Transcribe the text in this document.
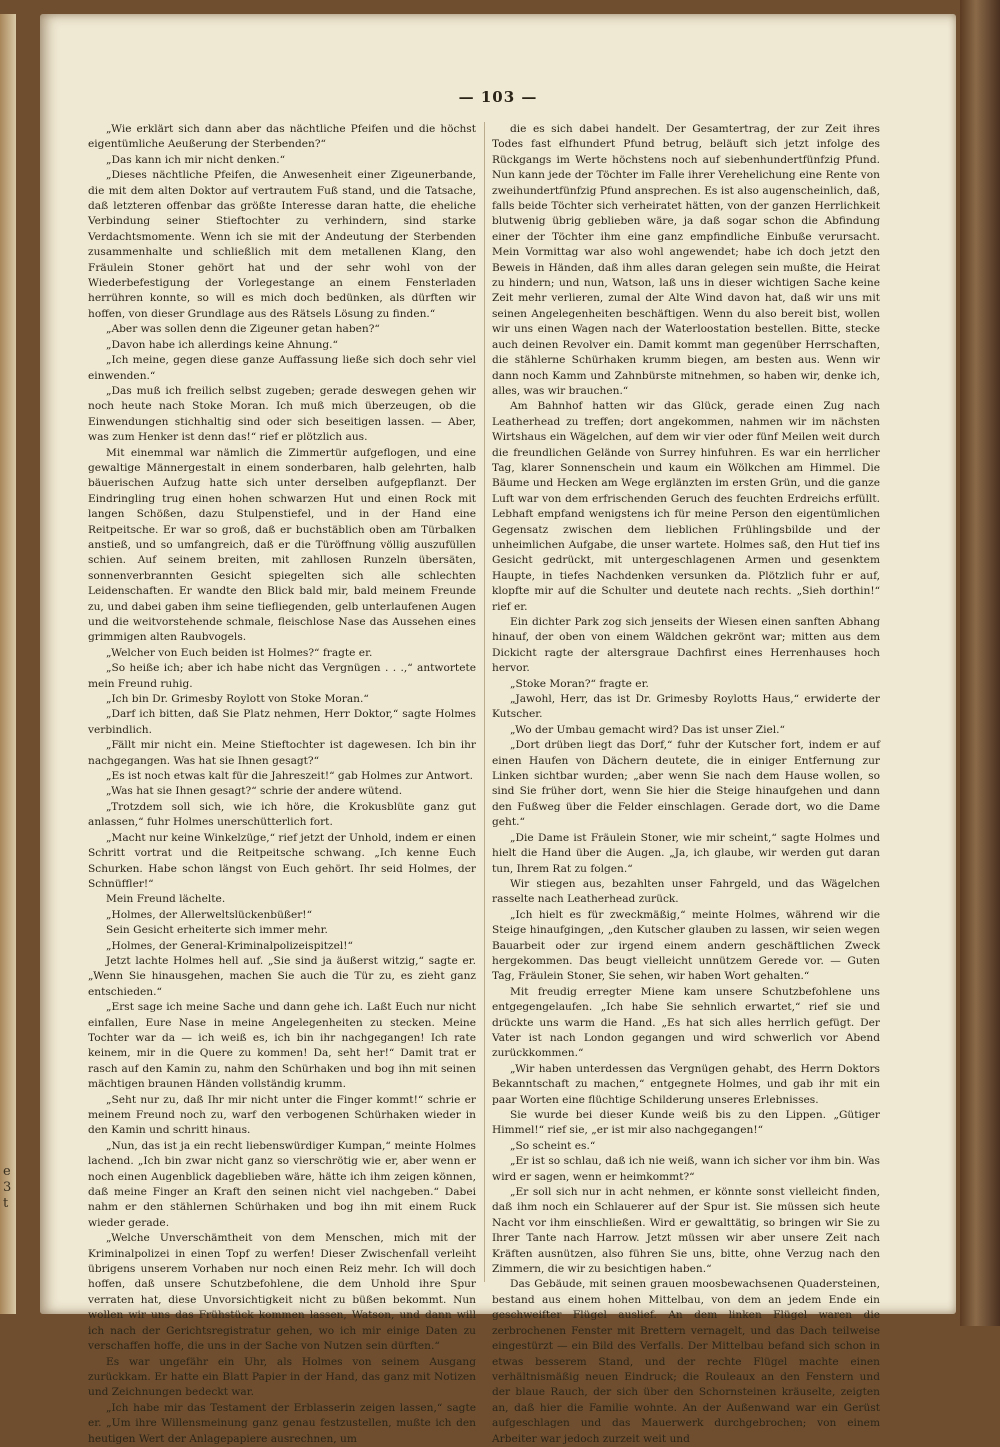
e
3
t
— 103 —

„Wie erklärt sich dann aber das nächtliche Pfeifen und die höchst eigentümliche Aeußerung der Sterbenden?“

„Das kann ich mir nicht denken.“

„Dieses nächtliche Pfeifen, die Anwesenheit einer Zigeunerbande, die mit dem alten Doktor auf vertrautem Fuß stand, und die Tatsache, daß letzteren offenbar das größte Interesse daran hatte, die eheliche Verbindung seiner Stieftochter zu verhindern, sind starke Verdachtsmomente. Wenn ich sie mit der Andeutung der Sterbenden zusammenhalte und schließlich mit dem metallenen Klang, den Fräulein Stoner gehört hat und der sehr wohl von der Wiederbefestigung der Vorlegestange an einem Fensterladen herrühren konnte, so will es mich doch bedünken, als dürften wir hoffen, von dieser Grundlage aus des Rätsels Lösung zu finden.“

„Aber was sollen denn die Zigeuner getan haben?“

„Davon habe ich allerdings keine Ahnung.“

„Ich meine, gegen diese ganze Auffassung ließe sich doch sehr viel einwenden.“

„Das muß ich freilich selbst zugeben; gerade deswegen gehen wir noch heute nach Stoke Moran. Ich muß mich überzeugen, ob die Einwendungen stichhaltig sind oder sich beseitigen lassen. — Aber, was zum Henker ist denn das!“ rief er plötzlich aus.

Mit einemmal war nämlich die Zimmertür aufgeflogen, und eine gewaltige Männergestalt in einem sonderbaren, halb gelehrten, halb bäuerischen Aufzug hatte sich unter derselben aufgepflanzt. Der Eindringling trug einen hohen schwarzen Hut und einen Rock mit langen Schößen, dazu Stulpenstiefel, und in der Hand eine Reitpeitsche. Er war so groß, daß er buchstäblich oben am Türbalken anstieß, und so umfangreich, daß er die Türöffnung völlig auszufüllen schien. Auf seinem breiten, mit zahllosen Runzeln übersäten, sonnenverbrannten Gesicht spiegelten sich alle schlechten Leidenschaften. Er wandte den Blick bald mir, bald meinem Freunde zu, und dabei gaben ihm seine tiefliegenden, gelb unterlaufenen Augen und die weitvorstehende schmale, fleischlose Nase das Aussehen eines grimmigen alten Raubvogels.

„Welcher von Euch beiden ist Holmes?“ fragte er.

„So heiße ich; aber ich habe nicht das Vergnügen . . .,“ antwortete mein Freund ruhig.

„Ich bin Dr. Grimesby Roylott von Stoke Moran.“

„Darf ich bitten, daß Sie Platz nehmen, Herr Doktor,“ sagte Holmes verbindlich.

„Fällt mir nicht ein. Meine Stieftochter ist dagewesen. Ich bin ihr nachgegangen. Was hat sie Ihnen gesagt?“

„Es ist noch etwas kalt für die Jahreszeit!“ gab Holmes zur Antwort.

„Was hat sie Ihnen gesagt?“ schrie der andere wütend.

„Trotzdem soll sich, wie ich höre, die Krokusblüte ganz gut anlassen,“ fuhr Holmes unerschütterlich fort.

„Macht nur keine Winkelzüge,“ rief jetzt der Unhold, indem er einen Schritt vortrat und die Reitpeitsche schwang. „Ich kenne Euch Schurken. Habe schon längst von Euch gehört. Ihr seid Holmes, der Schnüffler!“

Mein Freund lächelte.

„Holmes, der Allerweltslückenbüßer!“

Sein Gesicht erheiterte sich immer mehr.

„Holmes, der General-Kriminalpolizeispitzel!“

Jetzt lachte Holmes hell auf. „Sie sind ja äußerst witzig,“ sagte er. „Wenn Sie hinausgehen, machen Sie auch die Tür zu, es zieht ganz entschieden.“

„Erst sage ich meine Sache und dann gehe ich. Laßt Euch nur nicht einfallen, Eure Nase in meine Angelegenheiten zu stecken. Meine Tochter war da — ich weiß es, ich bin ihr nachgegangen! Ich rate keinem, mir in die Quere zu kommen! Da, seht her!“ Damit trat er rasch auf den Kamin zu, nahm den Schürhaken und bog ihn mit seinen mächtigen braunen Händen vollständig krumm.

„Seht nur zu, daß Ihr mir nicht unter die Finger kommt!“ schrie er meinem Freund noch zu, warf den verbogenen Schürhaken wieder in den Kamin und schritt hinaus.

„Nun, das ist ja ein recht liebenswürdiger Kumpan,“ meinte Holmes lachend. „Ich bin zwar nicht ganz so vierschrötig wie er, aber wenn er noch einen Augenblick dageblieben wäre, hätte ich ihm zeigen können, daß meine Finger an Kraft den seinen nicht viel nachgeben.“ Dabei nahm er den stählernen Schürhaken und bog ihn mit einem Ruck wieder gerade.

„Welche Unverschämtheit von dem Menschen, mich mit der Kriminalpolizei in einen Topf zu werfen! Dieser Zwischenfall verleiht übrigens unserem Vorhaben nur noch einen Reiz mehr. Ich will doch hoffen, daß unsere Schutzbefohlene, die dem Unhold ihre Spur verraten hat, diese Unvorsichtigkeit nicht zu büßen bekommt. Nun wollen wir uns das Frühstück kommen lassen, Watson, und dann will ich nach der Gerichtsregistratur gehen, wo ich mir einige Daten zu verschaffen hoffe, die uns in der Sache von Nutzen sein dürften.“

Es war ungefähr ein Uhr, als Holmes von seinem Ausgang zurückkam. Er hatte ein Blatt Papier in der Hand, das ganz mit Notizen und Zeichnungen bedeckt war.

„Ich habe mir das Testament der Erblasserin zeigen lassen,“ sagte er. „Um ihre Willensmeinung ganz genau festzustellen, mußte ich den heutigen Wert der Anlagepapiere ausrechnen, um

die es sich dabei handelt. Der Gesamtertrag, der zur Zeit ihres Todes fast elfhundert Pfund betrug, beläuft sich jetzt infolge des Rückgangs im Werte höchstens noch auf siebenhundertfünfzig Pfund. Nun kann jede der Töchter im Falle ihrer Verehelichung eine Rente von zweihundertfünfzig Pfund ansprechen. Es ist also augenscheinlich, daß, falls beide Töchter sich verheiratet hätten, von der ganzen Herrlichkeit blutwenig übrig geblieben wäre, ja daß sogar schon die Abfindung einer der Töchter ihm eine ganz empfindliche Einbuße verursacht. Mein Vormittag war also wohl angewendet; habe ich doch jetzt den Beweis in Händen, daß ihm alles daran gelegen sein mußte, die Heirat zu hindern; und nun, Watson, laß uns in dieser wichtigen Sache keine Zeit mehr verlieren, zumal der Alte Wind davon hat, daß wir uns mit seinen Angelegenheiten beschäftigen. Wenn du also bereit bist, wollen wir uns einen Wagen nach der Waterloostation bestellen. Bitte, stecke auch deinen Revolver ein. Damit kommt man gegenüber Herrschaften, die stählerne Schürhaken krumm biegen, am besten aus. Wenn wir dann noch Kamm und Zahnbürste mitnehmen, so haben wir, denke ich, alles, was wir brauchen.“

Am Bahnhof hatten wir das Glück, gerade einen Zug nach Leatherhead zu treffen; dort angekommen, nahmen wir im nächsten Wirtshaus ein Wägelchen, auf dem wir vier oder fünf Meilen weit durch die freundlichen Gelände von Surrey hinfuhren. Es war ein herrlicher Tag, klarer Sonnenschein und kaum ein Wölkchen am Himmel. Die Bäume und Hecken am Wege erglänzten im ersten Grün, und die ganze Luft war von dem erfrischenden Geruch des feuchten Erdreichs erfüllt. Lebhaft empfand wenigstens ich für meine Person den eigentümlichen Gegensatz zwischen dem lieblichen Frühlingsbilde und der unheimlichen Aufgabe, die unser wartete. Holmes saß, den Hut tief ins Gesicht gedrückt, mit untergeschlagenen Armen und gesenktem Haupte, in tiefes Nachdenken versunken da. Plötzlich fuhr er auf, klopfte mir auf die Schulter und deutete nach rechts. „Sieh dorthin!“ rief er.

Ein dichter Park zog sich jenseits der Wiesen einen sanften Abhang hinauf, der oben von einem Wäldchen gekrönt war; mitten aus dem Dickicht ragte der altersgraue Dachfirst eines Herrenhauses hoch hervor.

„Stoke Moran?“ fragte er.

„Jawohl, Herr, das ist Dr. Grimesby Roylotts Haus,“ erwiderte der Kutscher.

„Wo der Umbau gemacht wird? Das ist unser Ziel.“

„Dort drüben liegt das Dorf,“ fuhr der Kutscher fort, indem er auf einen Haufen von Dächern deutete, die in einiger Entfernung zur Linken sichtbar wurden; „aber wenn Sie nach dem Hause wollen, so sind Sie früher dort, wenn Sie hier die Steige hinaufgehen und dann den Fußweg über die Felder einschlagen. Gerade dort, wo die Dame geht.“

„Die Dame ist Fräulein Stoner, wie mir scheint,“ sagte Holmes und hielt die Hand über die Augen. „Ja, ich glaube, wir werden gut daran tun, Ihrem Rat zu folgen.“

Wir stiegen aus, bezahlten unser Fahrgeld, und das Wägelchen rasselte nach Leatherhead zurück.

„Ich hielt es für zweckmäßig,“ meinte Holmes, während wir die Steige hinaufgingen, „den Kutscher glauben zu lassen, wir seien wegen Bauarbeit oder zur irgend einem andern geschäftlichen Zweck hergekommen. Das beugt vielleicht unnützem Gerede vor. — Guten Tag, Fräulein Stoner, Sie sehen, wir haben Wort gehalten.“

Mit freudig erregter Miene kam unsere Schutzbefohlene uns entgegengelaufen. „Ich habe Sie sehnlich erwartet,“ rief sie und drückte uns warm die Hand. „Es hat sich alles herrlich gefügt. Der Vater ist nach London gegangen und wird schwerlich vor Abend zurückkommen.“

„Wir haben unterdessen das Vergnügen gehabt, des Herrn Doktors Bekanntschaft zu machen,“ entgegnete Holmes, und gab ihr mit ein paar Worten eine flüchtige Schilderung unseres Erlebnisses.

Sie wurde bei dieser Kunde weiß bis zu den Lippen. „Gütiger Himmel!“ rief sie, „er ist mir also nachgegangen!“

„So scheint es.“

„Er ist so schlau, daß ich nie weiß, wann ich sicher vor ihm bin. Was wird er sagen, wenn er heimkommt?“

„Er soll sich nur in acht nehmen, er könnte sonst vielleicht finden, daß ihm noch ein Schlauerer auf der Spur ist. Sie müssen sich heute Nacht vor ihm einschließen. Wird er gewalttätig, so bringen wir Sie zu Ihrer Tante nach Harrow. Jetzt müssen wir aber unsere Zeit nach Kräften ausnützen, also führen Sie uns, bitte, ohne Verzug nach den Zimmern, die wir zu besichtigen haben.“

Das Gebäude, mit seinen grauen moosbewachsenen Quadersteinen, bestand aus einem hohen Mittelbau, von dem an jedem Ende ein geschweifter Flügel auslief. An dem linken Flügel waren die zerbrochenen Fenster mit Brettern vernagelt, und das Dach teilweise eingestürzt — ein Bild des Verfalls. Der Mittelbau befand sich schon in etwas besserem Stand, und der rechte Flügel machte einen verhältnismäßig neuen Eindruck; die Rouleaux an den Fenstern und der blaue Rauch, der sich über den Schornsteinen kräuselte, zeigten an, daß hier die Familie wohnte. An der Außenwand war ein Gerüst aufgeschlagen und das Mauerwerk durchgebrochen; von einem Arbeiter war jedoch zurzeit weit und
